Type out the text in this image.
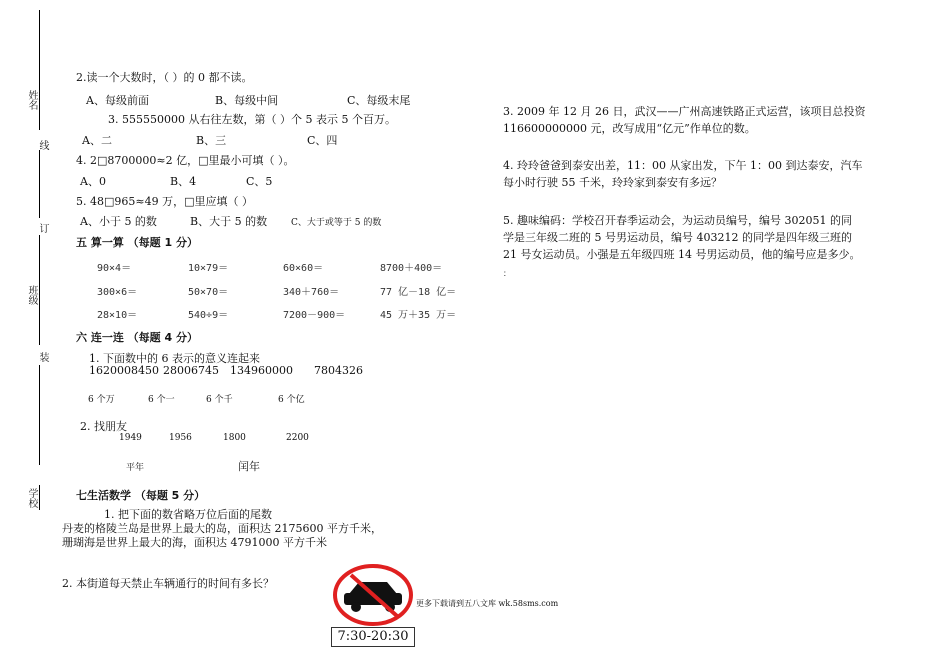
姓名
线
订
班级
装
学校
2.读一个大数时，（ ）的 0 都不读。
A、每级前面	B、每级中间	C、每级末尾
3. 555550000 从右往左数，第（ ）个 5 表示 5 个百万。
A、二	B、三	C、四
4. 2□8700000≈2 亿，□里最小可填（ ）。
A、0	B、4	C、5
5. 48□965≈49 万，□里应填（ ）
A、小于 5 的数	B、大于 5 的数	C、大于或等于 5 的数
五 算一算 （每题 1 分）
90×4＝	10×79＝	60×60＝	8700＋400＝
300×6＝	50×70＝	340＋760＝	77 亿－18 亿＝
28×10＝	540÷9＝	7200－900＝	45 万＋35 万＝
六 连一连 （每题 4 分）
1. 下面数中的 6 表示的意义连起来
1620008450 28006745 134960000 7804326
6 个万	6 个一	6 个千	6 个亿
2. 找朋友
1949	1956	1800	2200
平年	闰年
七生活数学 （每题 5 分）
1. 把下面的数省略万位后面的尾数
丹麦的格陵兰岛是世界上最大的岛，面积达 2175600 平方千米，
珊瑚海是世界上最大的海，面积达 4791000 平方千米
2. 本街道每天禁止车辆通行的时间有多长？
7:30-20:30
更多下载请到五八文库 wk.58sms.com
3. 2009 年 12 月 26 日，武汉——广州高速铁路正式运营，该项目总投资
116600000000 元，改写成用“亿元”作单位的数。
4. 玲玲爸爸到泰安出差，11：00 从家出发，下午 1：00 到达泰安，汽车
每小时行驶 55 千米，玲玲家到泰安有多远？
5. 趣味编码：学校召开春季运动会，为运动员编号，编号 302051 的同
学是三年级二班的 5 号男运动员，编号 403212 的同学是四年级三班的
21 号女运动员。小强是五年级四班 14 号男运动员，他的编号应是多少。
：
